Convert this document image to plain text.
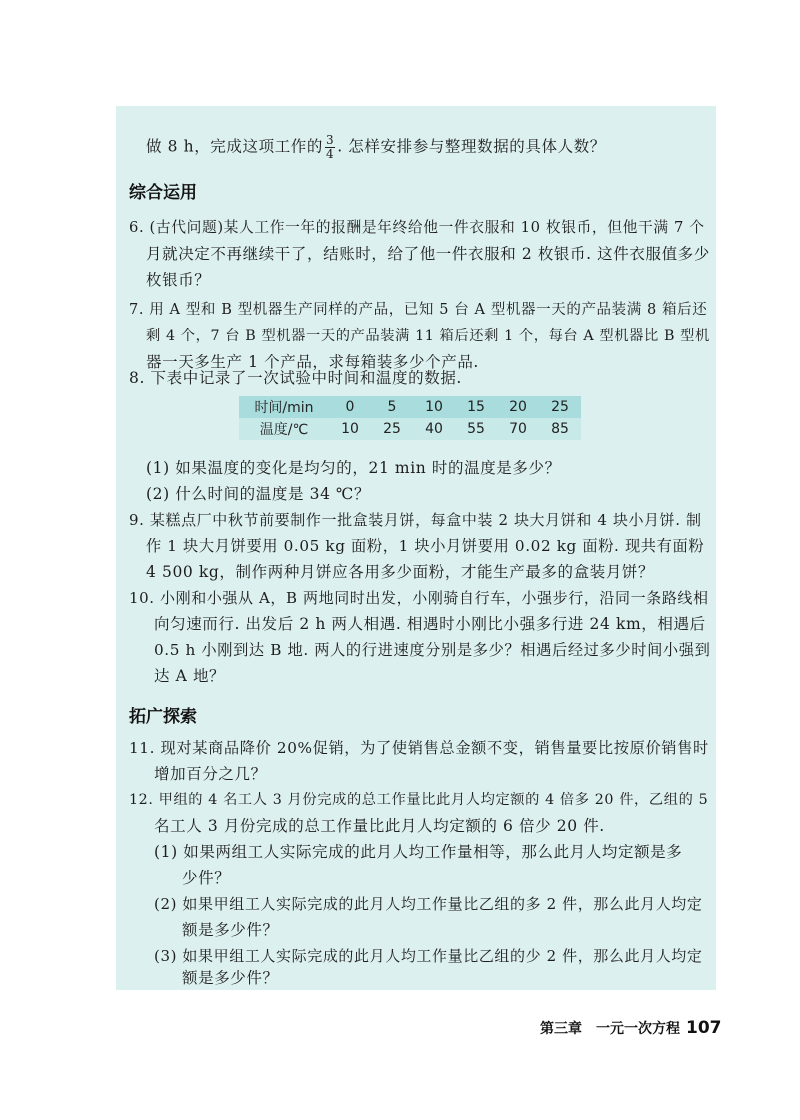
做 8 h，完成这项工作的 $\frac{3}{4}$ . 怎样安排参与整理数据的具体人数？
综合运用
6. (古代问题)某人工作一年的报酬是年终给他一件衣服和 10 枚银币，但他干满 7 个
月就决定不再继续干了，结账时，给了他一件衣服和 2 枚银币. 这件衣服值多少
枚银币？
7. 用 A 型和 B 型机器生产同样的产品，已知 5 台 A 型机器一天的产品装满 8 箱后还
剩 4 个，7 台 B 型机器一天的产品装满 11 箱后还剩 1 个，每台 A 型机器比 B 型机
器一天多生产 1 个产品，求每箱装多少个产品.
8. 下表中记录了一次试验中时间和温度的数据.
时间/min	0	5	10	15	20	25
温度/℃	10	25	40	55	70	85
(1) 如果温度的变化是均匀的，21 min 时的温度是多少？
(2) 什么时间的温度是 34 ℃？
9. 某糕点厂中秋节前要制作一批盒装月饼，每盒中装 2 块大月饼和 4 块小月饼. 制
作 1 块大月饼要用 0.05 kg 面粉，1 块小月饼要用 0.02 kg 面粉. 现共有面粉
4 500 kg，制作两种月饼应各用多少面粉，才能生产最多的盒装月饼？
10. 小刚和小强从 A，B 两地同时出发，小刚骑自行车，小强步行，沿同一条路线相
向匀速而行. 出发后 2 h 两人相遇. 相遇时小刚比小强多行进 24 km，相遇后
0.5 h 小刚到达 B 地. 两人的行进速度分别是多少？相遇后经过多少时间小强到
达 A 地？
拓广探索
11. 现对某商品降价 20%促销，为了使销售总金额不变，销售量要比按原价销售时
增加百分之几？
12. 甲组的 4 名工人 3 月份完成的总工作量比此月人均定额的 4 倍多 20 件，乙组的 5
名工人 3 月份完成的总工作量比此月人均定额的 6 倍少 20 件.
(1) 如果两组工人实际完成的此月人均工作量相等，那么此月人均定额是多
少件？
(2) 如果甲组工人实际完成的此月人均工作量比乙组的多 2 件，那么此月人均定
额是多少件？
(3) 如果甲组工人实际完成的此月人均工作量比乙组的少 2 件，那么此月人均定
额是多少件？
第三章　一元一次方程 107
